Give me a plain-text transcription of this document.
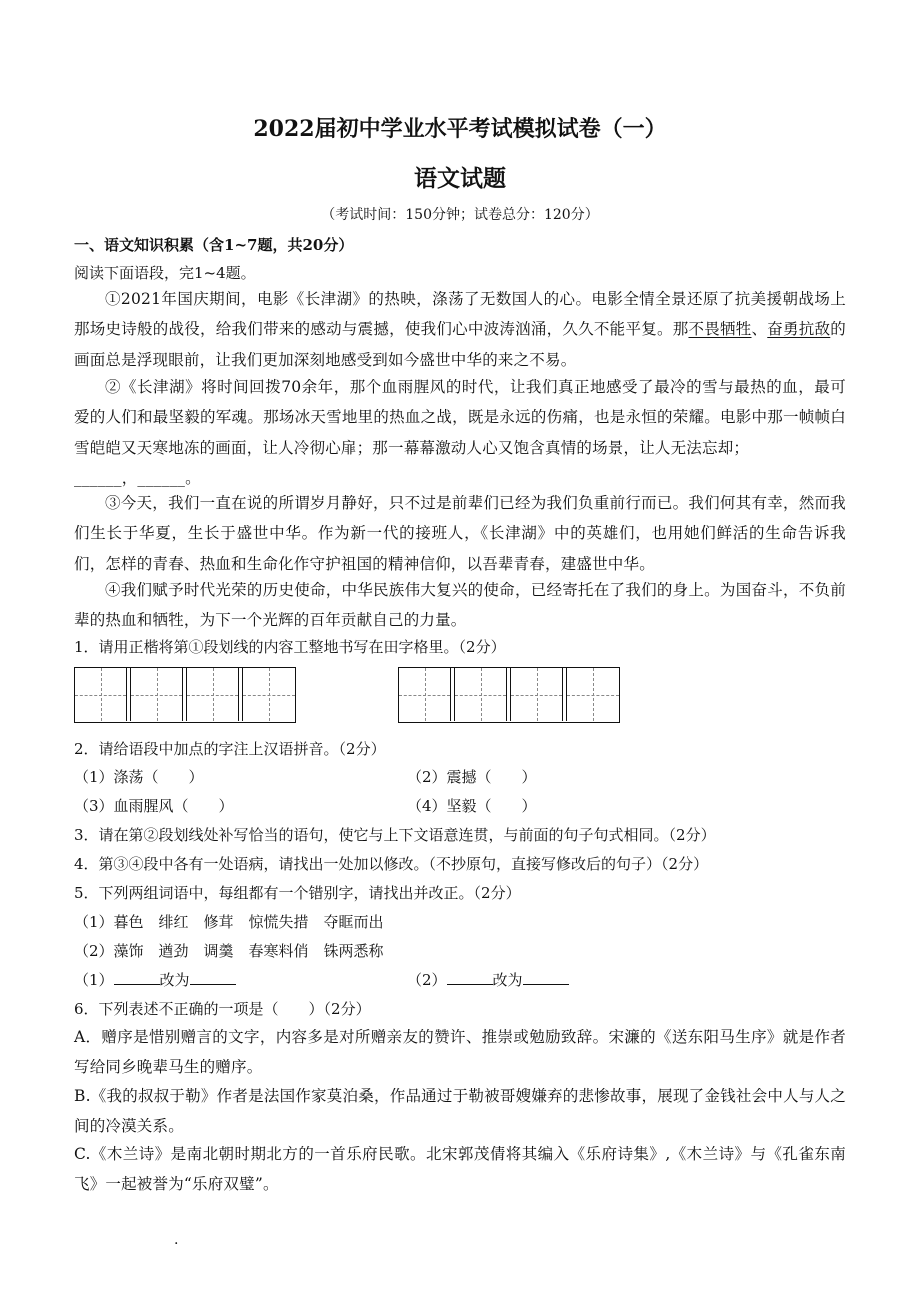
2022届初中学业水平考试模拟试卷（一）
语文试题
（考试时间：150分钟；试卷总分：120分）
一、语文知识积累（含1~7题，共20分）
阅读下面语段，完1~4题。
①2021年国庆期间，电影《长津湖》的热映，涤荡了无数国人的心。电影全情全景还原了抗美援朝战场上那场史诗般的战役，给我们带来的感动与震撼，使我们心中波涛汹涌，久久不能平复。那不畏牺牲、奋勇抗敌的画面总是浮现眼前，让我们更加深刻地感受到如今盛世中华的来之不易。
②《长津湖》将时间回拨70余年，那个血雨腥风的时代，让我们真正地感受了最冷的雪与最热的血，最可爱的人们和最坚毅的军魂。那场冰天雪地里的热血之战，既是永远的伤痛，也是永恒的荣耀。电影中那一帧帧白雪皑皑又天寒地冻的画面，让人冷彻心扉；那一幕幕激动人心又饱含真情的场景，让人无法忘却；
______，______。
③今天，我们一直在说的所谓岁月静好，只不过是前辈们已经为我们负重前行而已。我们何其有幸，然而我们生长于华夏，生长于盛世中华。作为新一代的接班人，《长津湖》中的英雄们，也用她们鲜活的生命告诉我们，怎样的青春、热血和生命化作守护祖国的精神信仰，以吾辈青春，建盛世中华。
④我们赋予时代光荣的历史使命，中华民族伟大复兴的使命，已经寄托在了我们的身上。为国奋斗，不负前辈的热血和牺牲，为下一个光辉的百年贡献自己的力量。
1．请用正楷将第①段划线的内容工整地书写在田字格里。（2分）
2．请给语段中加点的字注上汉语拼音。（2分）
（1）涤荡（　　）	（2）震撼（　　）
（3）血雨腥风（　　）	（4）坚毅（　　）
3．请在第②段划线处补写恰当的语句，使它与上下文语意连贯，与前面的句子句式相同。（2分）
4．第③④段中各有一处语病，请找出一处加以修改。（不抄原句，直接写修改后的句子）（2分）
5．下列两组词语中，每组都有一个错别字，请找出并改正。（2分）
（1）暮色　绯红　修茸　惊慌失措　夺眶而出
（2）藻饰　遒劲　调羹　春寒料俏　铢两悉称
（1）	改为	（2）	改为
6．下列表述不正确的一项是（　　）（2分）
A．赠序是惜别赠言的文字，内容多是对所赠亲友的赞许、推崇或勉励致辞。宋濂的《送东阳马生序》就是作者写给同乡晚辈马生的赠序。
B.《我的叔叔于勒》作者是法国作家莫泊桑，作品通过于勒被哥嫂嫌弃的悲惨故事，展现了金钱社会中人与人之间的冷漠关系。
C.《木兰诗》是南北朝时期北方的一首乐府民歌。北宋郭茂倩将其编入《乐府诗集》,《木兰诗》与《孔雀东南飞》一起被誉为“乐府双璧”。
.
